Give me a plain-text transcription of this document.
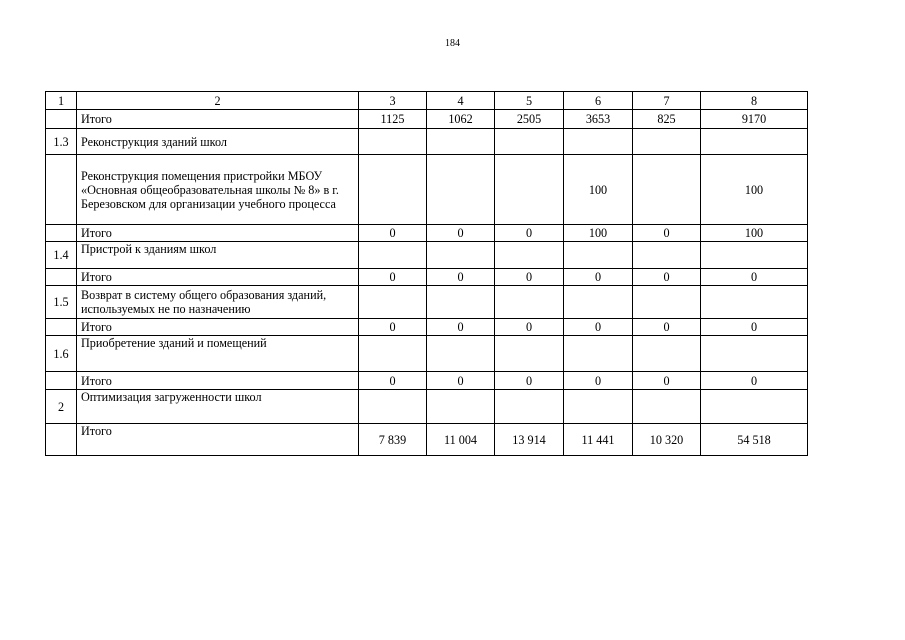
184
1	2	3	4	5	6	7	8
	Итого	1125	1062	2505	3653	825	9170
1.3	Реконструкция зданий школ						
	Реконструкция помещения пристройки МБОУ «Основная общеобразовательная школы № 8» в г. Березовском для организации учебного процесса				100		100
	Итого	0	0	0	100	0	100
1.4	Пристрой к зданиям школ						
	Итого	0	0	0	0	0	0
1.5	Возврат в систему общего образования зданий, используемых не по назначению						
	Итого	0	0	0	0	0	0
1.6	Приобретение зданий и помещений						
	Итого	0	0	0	0	0	0
2	Оптимизация загруженности школ						
	Итого	7 839	11 004	13 914	11 441	10 320	54 518
